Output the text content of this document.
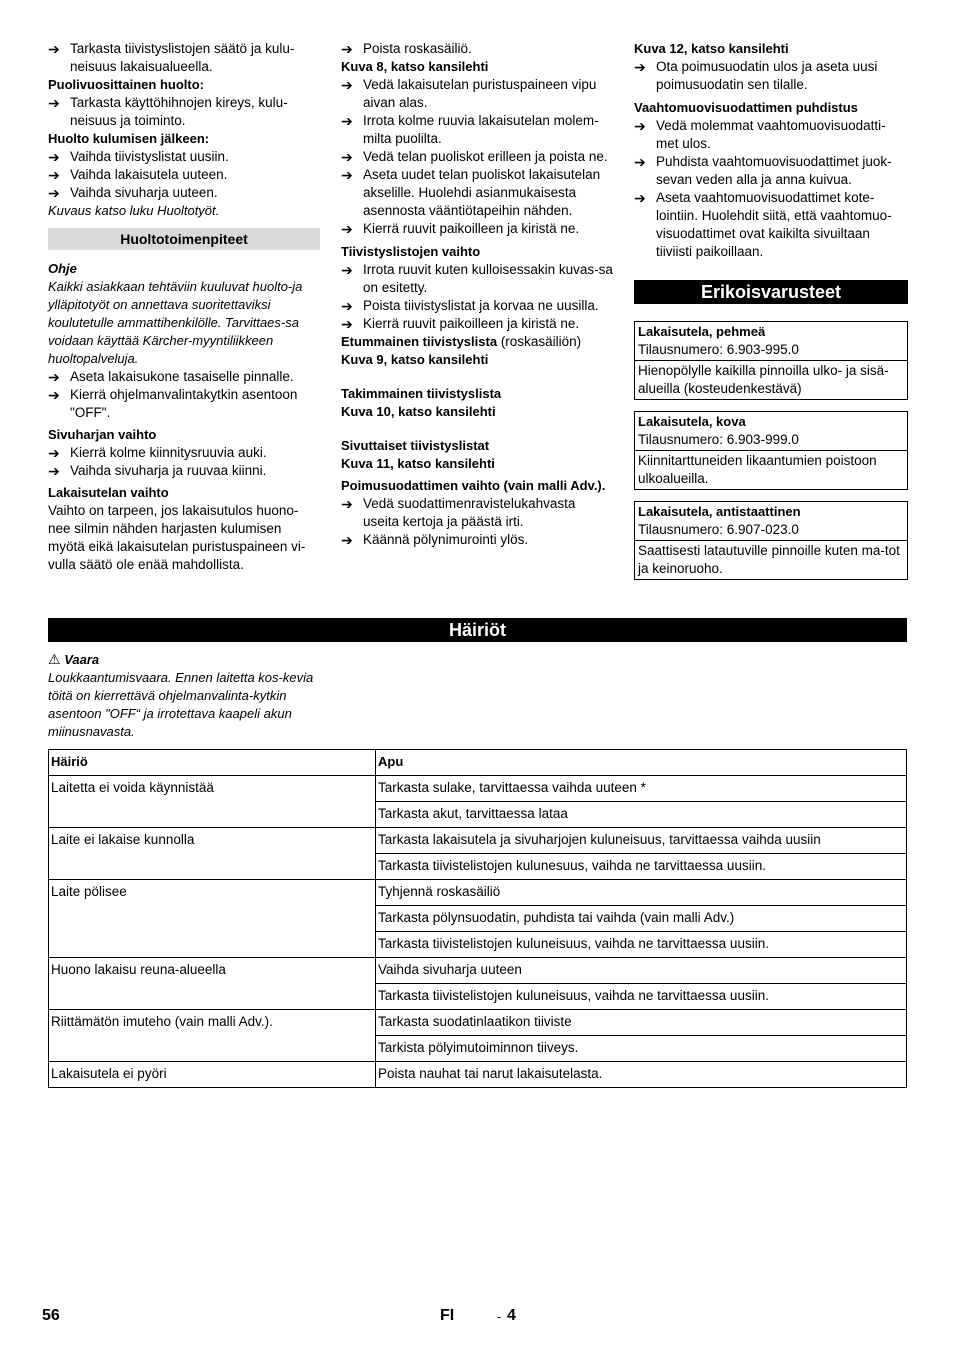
➔ Tarkasta tiivistyslistojen säätö ja kulu-neisuus lakaisualueella.
Puolivuosittainen huolto:
➔ Tarkasta käyttöhihnojen kireys, kulu-neisuus ja toiminto.
Huolto kulumisen jälkeen:
➔ Vaihda tiivistyslistat uusiin.
➔ Vaihda lakaisutela uuteen.
➔ Vaihda sivuharja uuteen.
Kuvaus katso luku Huoltotyöt.
Huoltotoimenpiteet
Ohje
Kaikki asiakkaan tehtäviin kuuluvat huolto-ja ylläpitotyöt on annettava suoritettaviksi koulutetulle ammattihenkilölle. Tarvittaes-sa voidaan käyttää Kärcher-myyntiliikkeen huoltopalveluja.
➔ Aseta lakaisukone tasaiselle pinnalle.
➔ Kierrä ohjelmanvalintakytkin asentoon "OFF".
Sivuharjan vaihto
➔ Kierrä kolme kiinnitysruuvia auki.
➔ Vaihda sivuharja ja ruuvaa kiinni.
Lakaisutelan vaihto
Vaihto on tarpeen, jos lakaisutulos huono-nee silmin nähden harjasten kulumisen myötä eikä lakaisutelan puristuspaineen vi-vulla säätö ole enää mahdollista.
➔ Poista roskasäiliö.
Kuva 8, katso kansilehti
➔ Vedä lakaisutelan puristuspaineen vipu aivan alas.
➔ Irrota kolme ruuvia lakaisutelan molem-milta puolilta.
➔ Vedä telan puoliskot erilleen ja poista ne.
➔ Aseta uudet telan puoliskot lakaisutelan akselille. Huolehdi asianmukaisesta asennosta vääntiötapeihin nähden.
➔ Kierrä ruuvit paikoilleen ja kiristä ne.
Tiivistyslistojen vaihto
➔ Irrota ruuvit kuten kulloisessakin kuvas-sa on esitetty.
➔ Poista tiivistyslistat ja korvaa ne uusilla.
➔ Kierrä ruuvit paikoilleen ja kiristä ne.
Etummainen tiivistyslista (roskasäiliön)
Kuva 9, katso kansilehti
Takimmainen tiivistyslista
Kuva 10, katso kansilehti
Sivuttaiset tiivistyslistat
Kuva 11, katso kansilehti
Poimusuodattimen vaihto (vain malli Adv.).
➔ Vedä suodattimenravistelukahvasta useita kertoja ja päästä irti.
➔ Käännä pölynimurointi ylös.
Kuva 12, katso kansilehti
➔ Ota poimusuodatin ulos ja aseta uusi poimusuodatin sen tilalle.
Vaahtomuovisuodattimen puhdistus
➔ Vedä molemmat vaahtomuovisuodatti-met ulos.
➔ Puhdista vaahtomuovisuodattimet juok-sevan veden alla ja anna kuivua.
➔ Aseta vaahtomuovisuodattimet kote-lointiin. Huolehdit siitä, että vaahtomuo-visuodattimet ovat kaikilta sivuiltaan tiiviisti paikoillaan.
Erikoisvarusteet
Lakaisutela, pehmeä
Tilausnumero: 6.903-995.0
Hienopölylle kaikilla pinnoilla ulko- ja sisä-alueilla (kosteudenkestävä)
Lakaisutela, kova
Tilausnumero: 6.903-999.0
Kiinnitarttuneiden likaantumien poistoon ulkoalueilla.
Lakaisutela, antistaattinen
Tilausnumero: 6.907-023.0
Saattisesti latautuville pinnoille kuten ma-tot ja keinoruoho.
Häiriöt
⚠ Vaara
Loukkaantumisvaara. Ennen laitetta kos-kevia töitä on kierrettävä ohjelmanvalinta-kytkin asentoon "OFF“ ja irrotettava kaapeli akun miinusnavasta.
Häiriö	Apu
Laitetta ei voida käynnistää	Tarkasta sulake, tarvittaessa vaihda uuteen *
	Tarkasta akut, tarvittaessa lataa
Laite ei lakaise kunnolla	Tarkasta lakaisutela ja sivuharjojen kuluneisuus, tarvittaessa vaihda uusiin
	Tarkasta tiivistelistojen kulunesuus, vaihda ne tarvittaessa uusiin.
Laite pölisee	Tyhjennä roskasäiliö
	Tarkasta pölynsuodatin, puhdista tai vaihda (vain malli Adv.)
	Tarkasta tiivistelistojen kuluneisuus, vaihda ne tarvittaessa uusiin.
Huono lakaisu reuna-alueella	Vaihda sivuharja uuteen
	Tarkasta tiivistelistojen kuluneisuus, vaihda ne tarvittaessa uusiin.
Riittämätön imuteho (vain malli Adv.).	Tarkasta suodatinlaatikon tiiviste
	Tarkista pölyimutoiminnon tiiveys.
Lakaisutela ei pyöri	Poista nauhat tai narut lakaisutelasta.
56	FI	- 4
